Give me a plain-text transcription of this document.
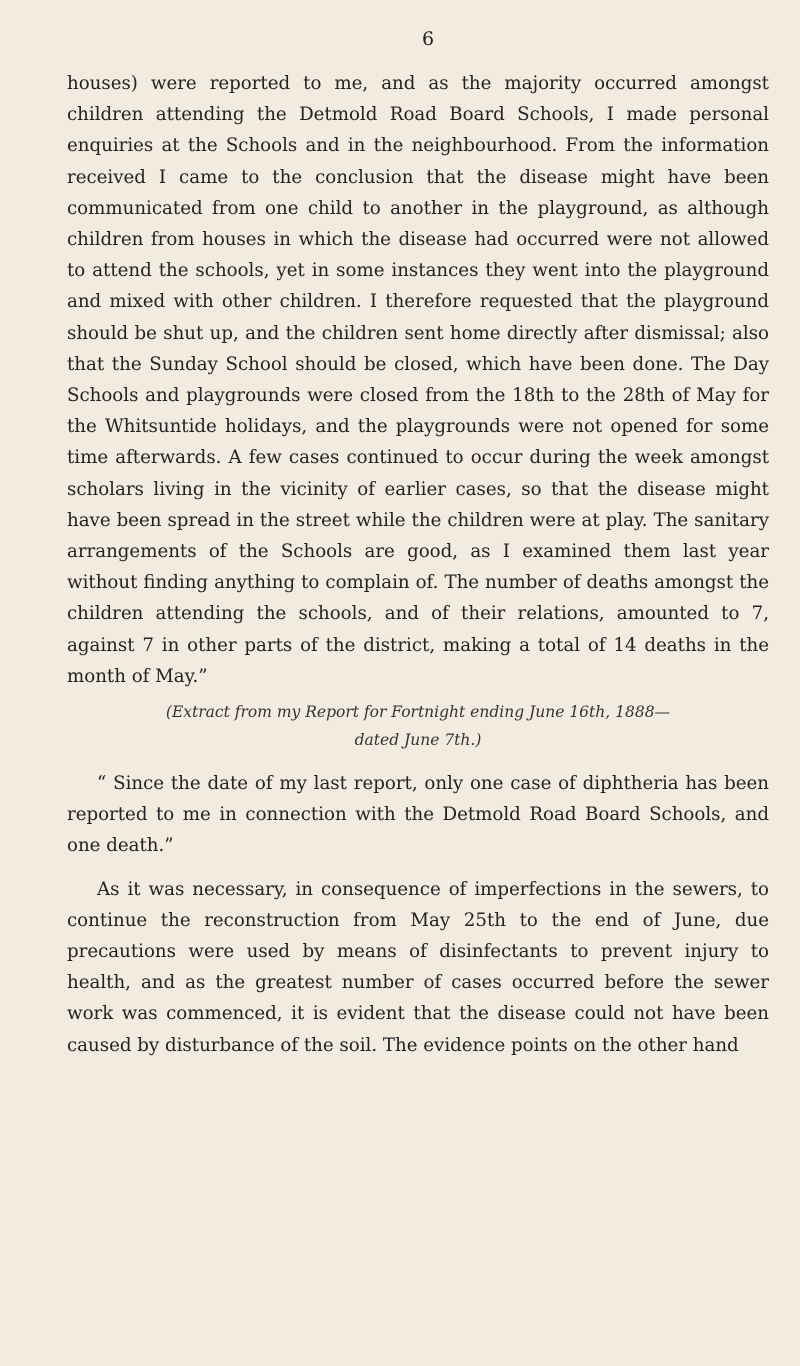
6

houses) were reported to me, and as the majority occurred amongst children attending the Detmold Road Board Schools, I made personal enquiries at the Schools and in the neighbourhood. From the information received I came to the conclusion that the disease might have been communicated from one child to another in the playground, as although children from houses in which the disease had occurred were not allowed to attend the schools, yet in some instances they went into the playground and mixed with other children. I therefore requested that the playground should be shut up, and the children sent home directly after dismissal; also that the Sunday School should be closed, which have been done. The Day Schools and playgrounds were closed from the 18th to the 28th of May for the Whitsuntide holidays, and the playgrounds were not opened for some time afterwards. A few cases continued to occur during the week amongst scholars living in the vicinity of earlier cases, so that the disease might have been spread in the street while the children were at play. The sanitary arrangements of the Schools are good, as I examined them last year without finding anything to complain of. The number of deaths amongst the children attending the schools, and of their relations, amounted to 7, against 7 in other parts of the district, making a total of 14 deaths in the month of May.”

(Extract from my Report for Fortnight ending June 16th, 1888—
dated June 7th.)

“ Since the date of my last report, only one case of diphtheria has been reported to me in connection with the Detmold Road Board Schools, and one death.”

As it was necessary, in consequence of imperfections in the sewers, to continue the reconstruction from May 25th to the end of June, due precautions were used by means of disinfectants to prevent injury to health, and as the greatest number of cases occurred before the sewer work was commenced, it is evident that the disease could not have been caused by disturbance of the soil. The evidence points on the other hand
